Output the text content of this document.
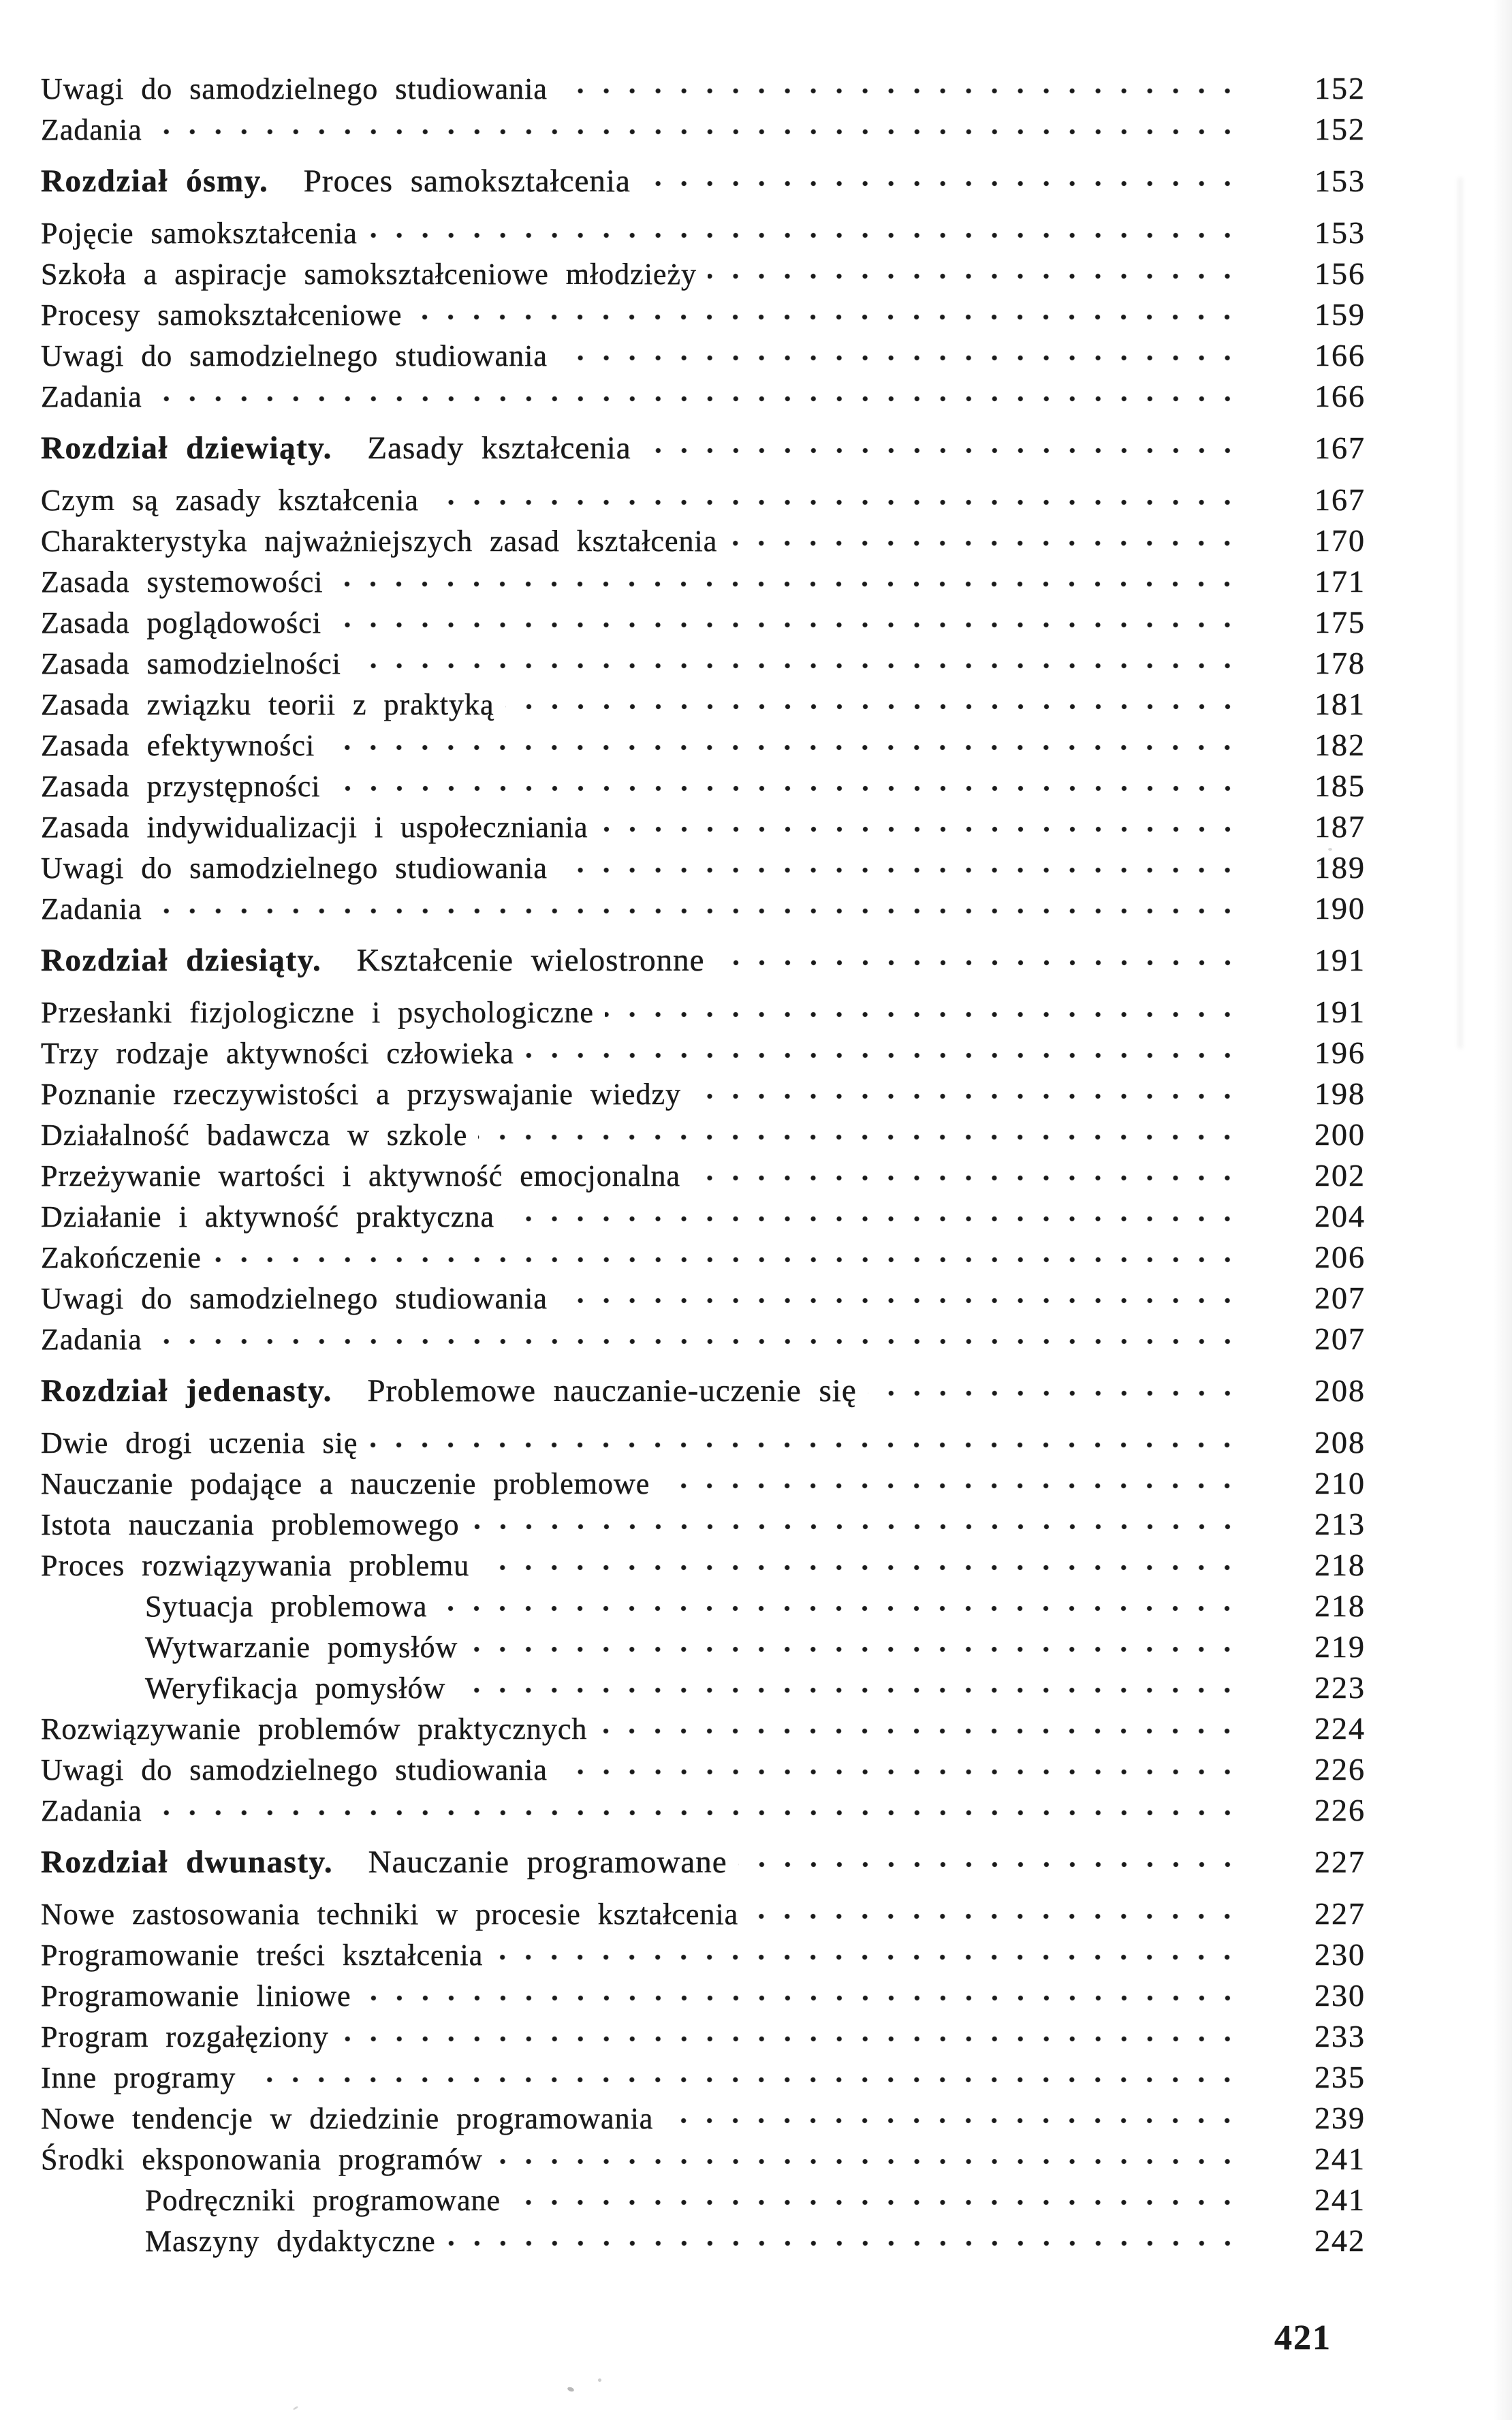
Uwagi do samodzielnego studiowania	152
Zadania	152
Rozdział ósmy.  Proces samokształcenia	153
Pojęcie samokształcenia	153
Szkoła a aspiracje samokształceniowe młodzieży	156
Procesy samokształceniowe	159
Uwagi do samodzielnego studiowania	166
Zadania	166
Rozdział dziewiąty.  Zasady kształcenia	167
Czym są zasady kształcenia	167
Charakterystyka najważniejszych zasad kształcenia	170
Zasada systemowości	171
Zasada poglądowości	175
Zasada samodzielności	178
Zasada związku teorii z praktyką	181
Zasada efektywności	182
Zasada przystępności	185
Zasada indywidualizacji i uspołeczniania	187
Uwagi do samodzielnego studiowania	189
Zadania	190
Rozdział dziesiąty.  Kształcenie wielostronne	191
Przesłanki fizjologiczne i psychologiczne	191
Trzy rodzaje aktywności człowieka	196
Poznanie rzeczywistości a przyswajanie wiedzy	198
Działalność badawcza w szkole	200
Przeżywanie wartości i aktywność emocjonalna	202
Działanie i aktywność praktyczna	204
Zakończenie	206
Uwagi do samodzielnego studiowania	207
Zadania	207
Rozdział jedenasty.  Problemowe nauczanie-uczenie się	208
Dwie drogi uczenia się	208
Nauczanie podające a nauczenie problemowe	210
Istota nauczania problemowego	213
Proces rozwiązywania problemu	218
Sytuacja problemowa	218
Wytwarzanie pomysłów	219
Weryfikacja pomysłów	223
Rozwiązywanie problemów praktycznych	224
Uwagi do samodzielnego studiowania	226
Zadania	226
Rozdział dwunasty.  Nauczanie programowane	227
Nowe zastosowania techniki w procesie kształcenia	227
Programowanie treści kształcenia	230
Programowanie liniowe	230
Program rozgałęziony	233
Inne programy	235
Nowe tendencje w dziedzinie programowania	239
Środki eksponowania programów	241
Podręczniki programowane	241
Maszyny dydaktyczne	242
421
